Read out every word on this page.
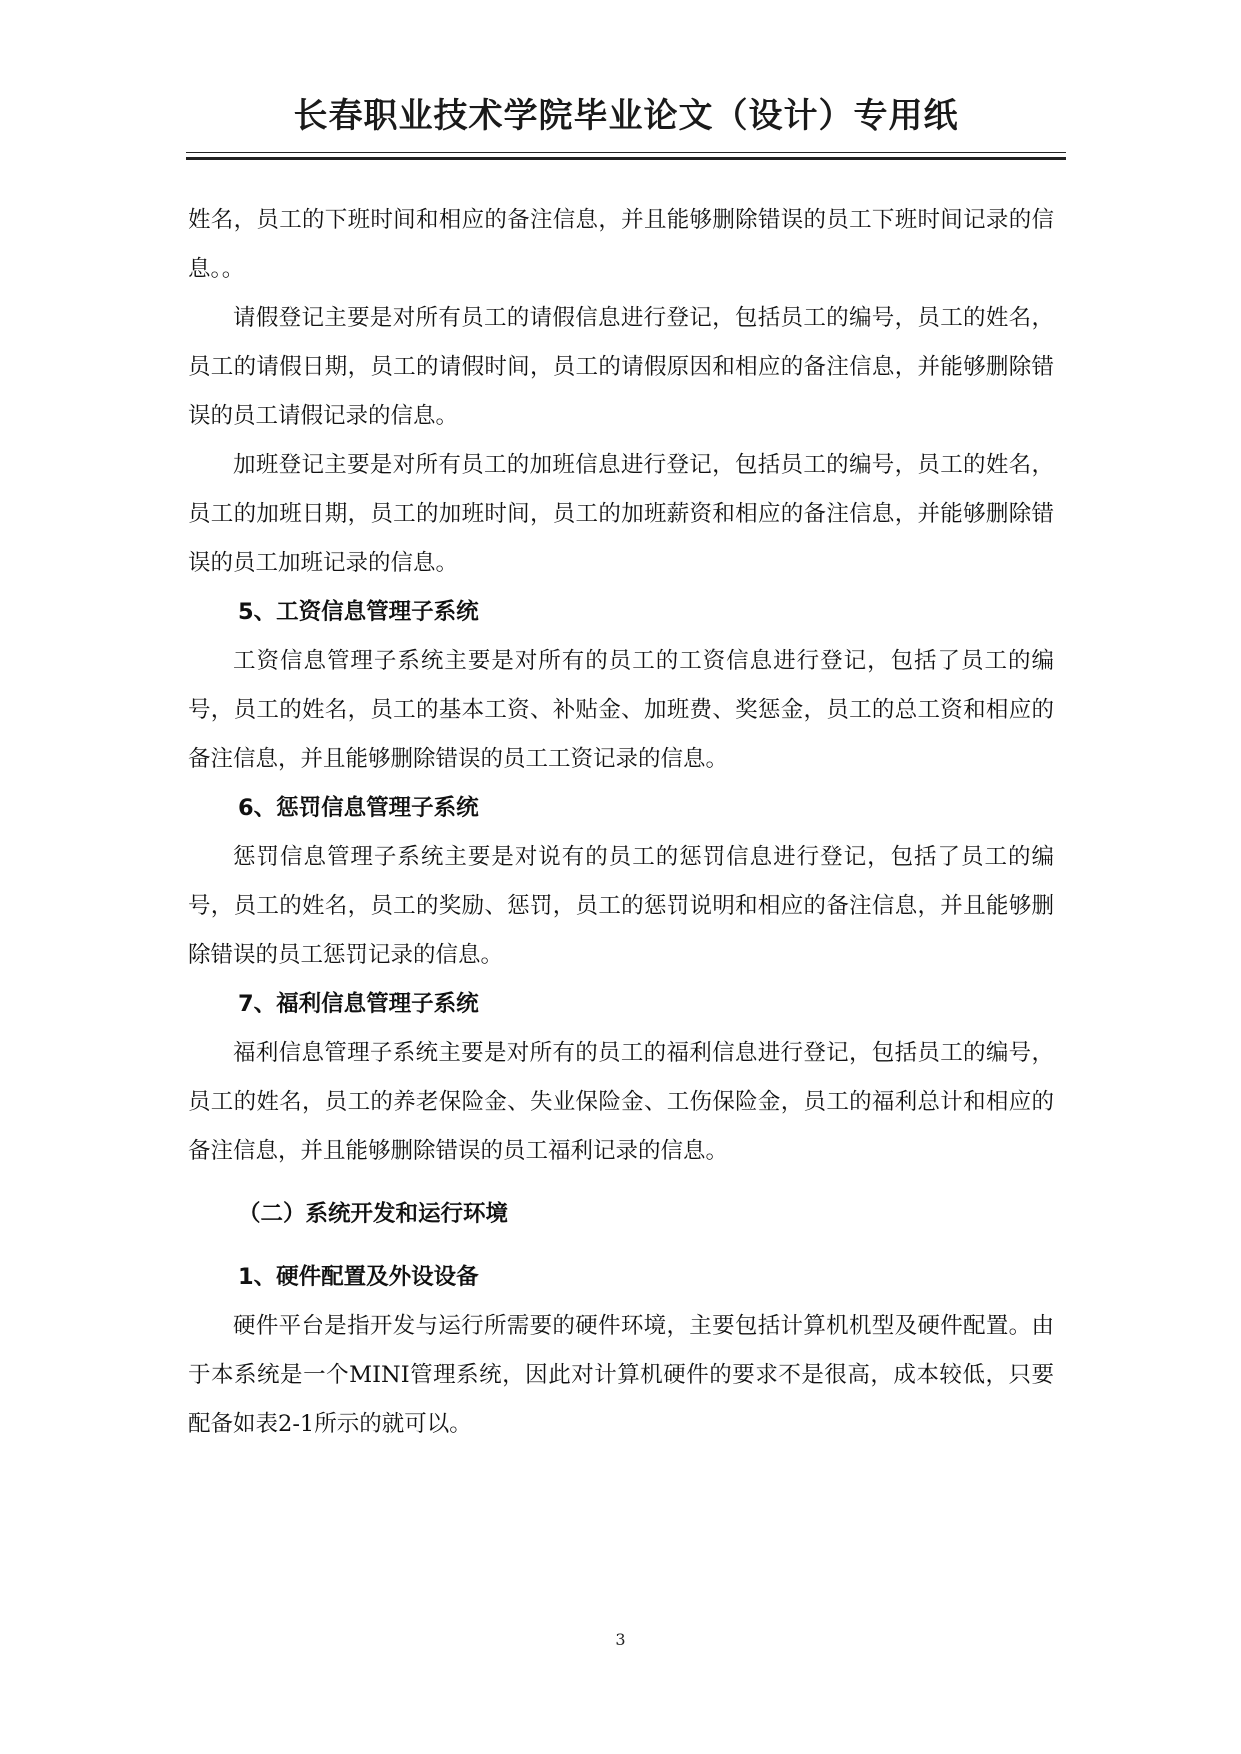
长春职业技术学院毕业论文（设计）专用纸

姓名，员工的下班时间和相应的备注信息，并且能够删除错误的员工下班时间记录的信息。。

请假登记主要是对所有员工的请假信息进行登记，包括员工的编号，员工的姓名，员工的请假日期，员工的请假时间，员工的请假原因和相应的备注信息，并能够删除错误的员工请假记录的信息。

加班登记主要是对所有员工的加班信息进行登记，包括员工的编号，员工的姓名，员工的加班日期，员工的加班时间，员工的加班薪资和相应的备注信息，并能够删除错误的员工加班记录的信息。

5、工资信息管理子系统

工资信息管理子系统主要是对所有的员工的工资信息进行登记，包括了员工的编号，员工的姓名，员工的基本工资、补贴金、加班费、奖惩金，员工的总工资和相应的备注信息，并且能够删除错误的员工工资记录的信息。

6、惩罚信息管理子系统

惩罚信息管理子系统主要是对说有的员工的惩罚信息进行登记，包括了员工的编号，员工的姓名，员工的奖励、惩罚，员工的惩罚说明和相应的备注信息，并且能够删除错误的员工惩罚记录的信息。

7、福利信息管理子系统

福利信息管理子系统主要是对所有的员工的福利信息进行登记，包括员工的编号，员工的姓名，员工的养老保险金、失业保险金、工伤保险金，员工的福利总计和相应的备注信息，并且能够删除错误的员工福利记录的信息。

（二）系统开发和运行环境

1、硬件配置及外设设备

硬件平台是指开发与运行所需要的硬件环境，主要包括计算机机型及硬件配置。由于本系统是一个MINI管理系统，因此对计算机硬件的要求不是很高，成本较低，只要配备如表2-1所示的就可以。

3
